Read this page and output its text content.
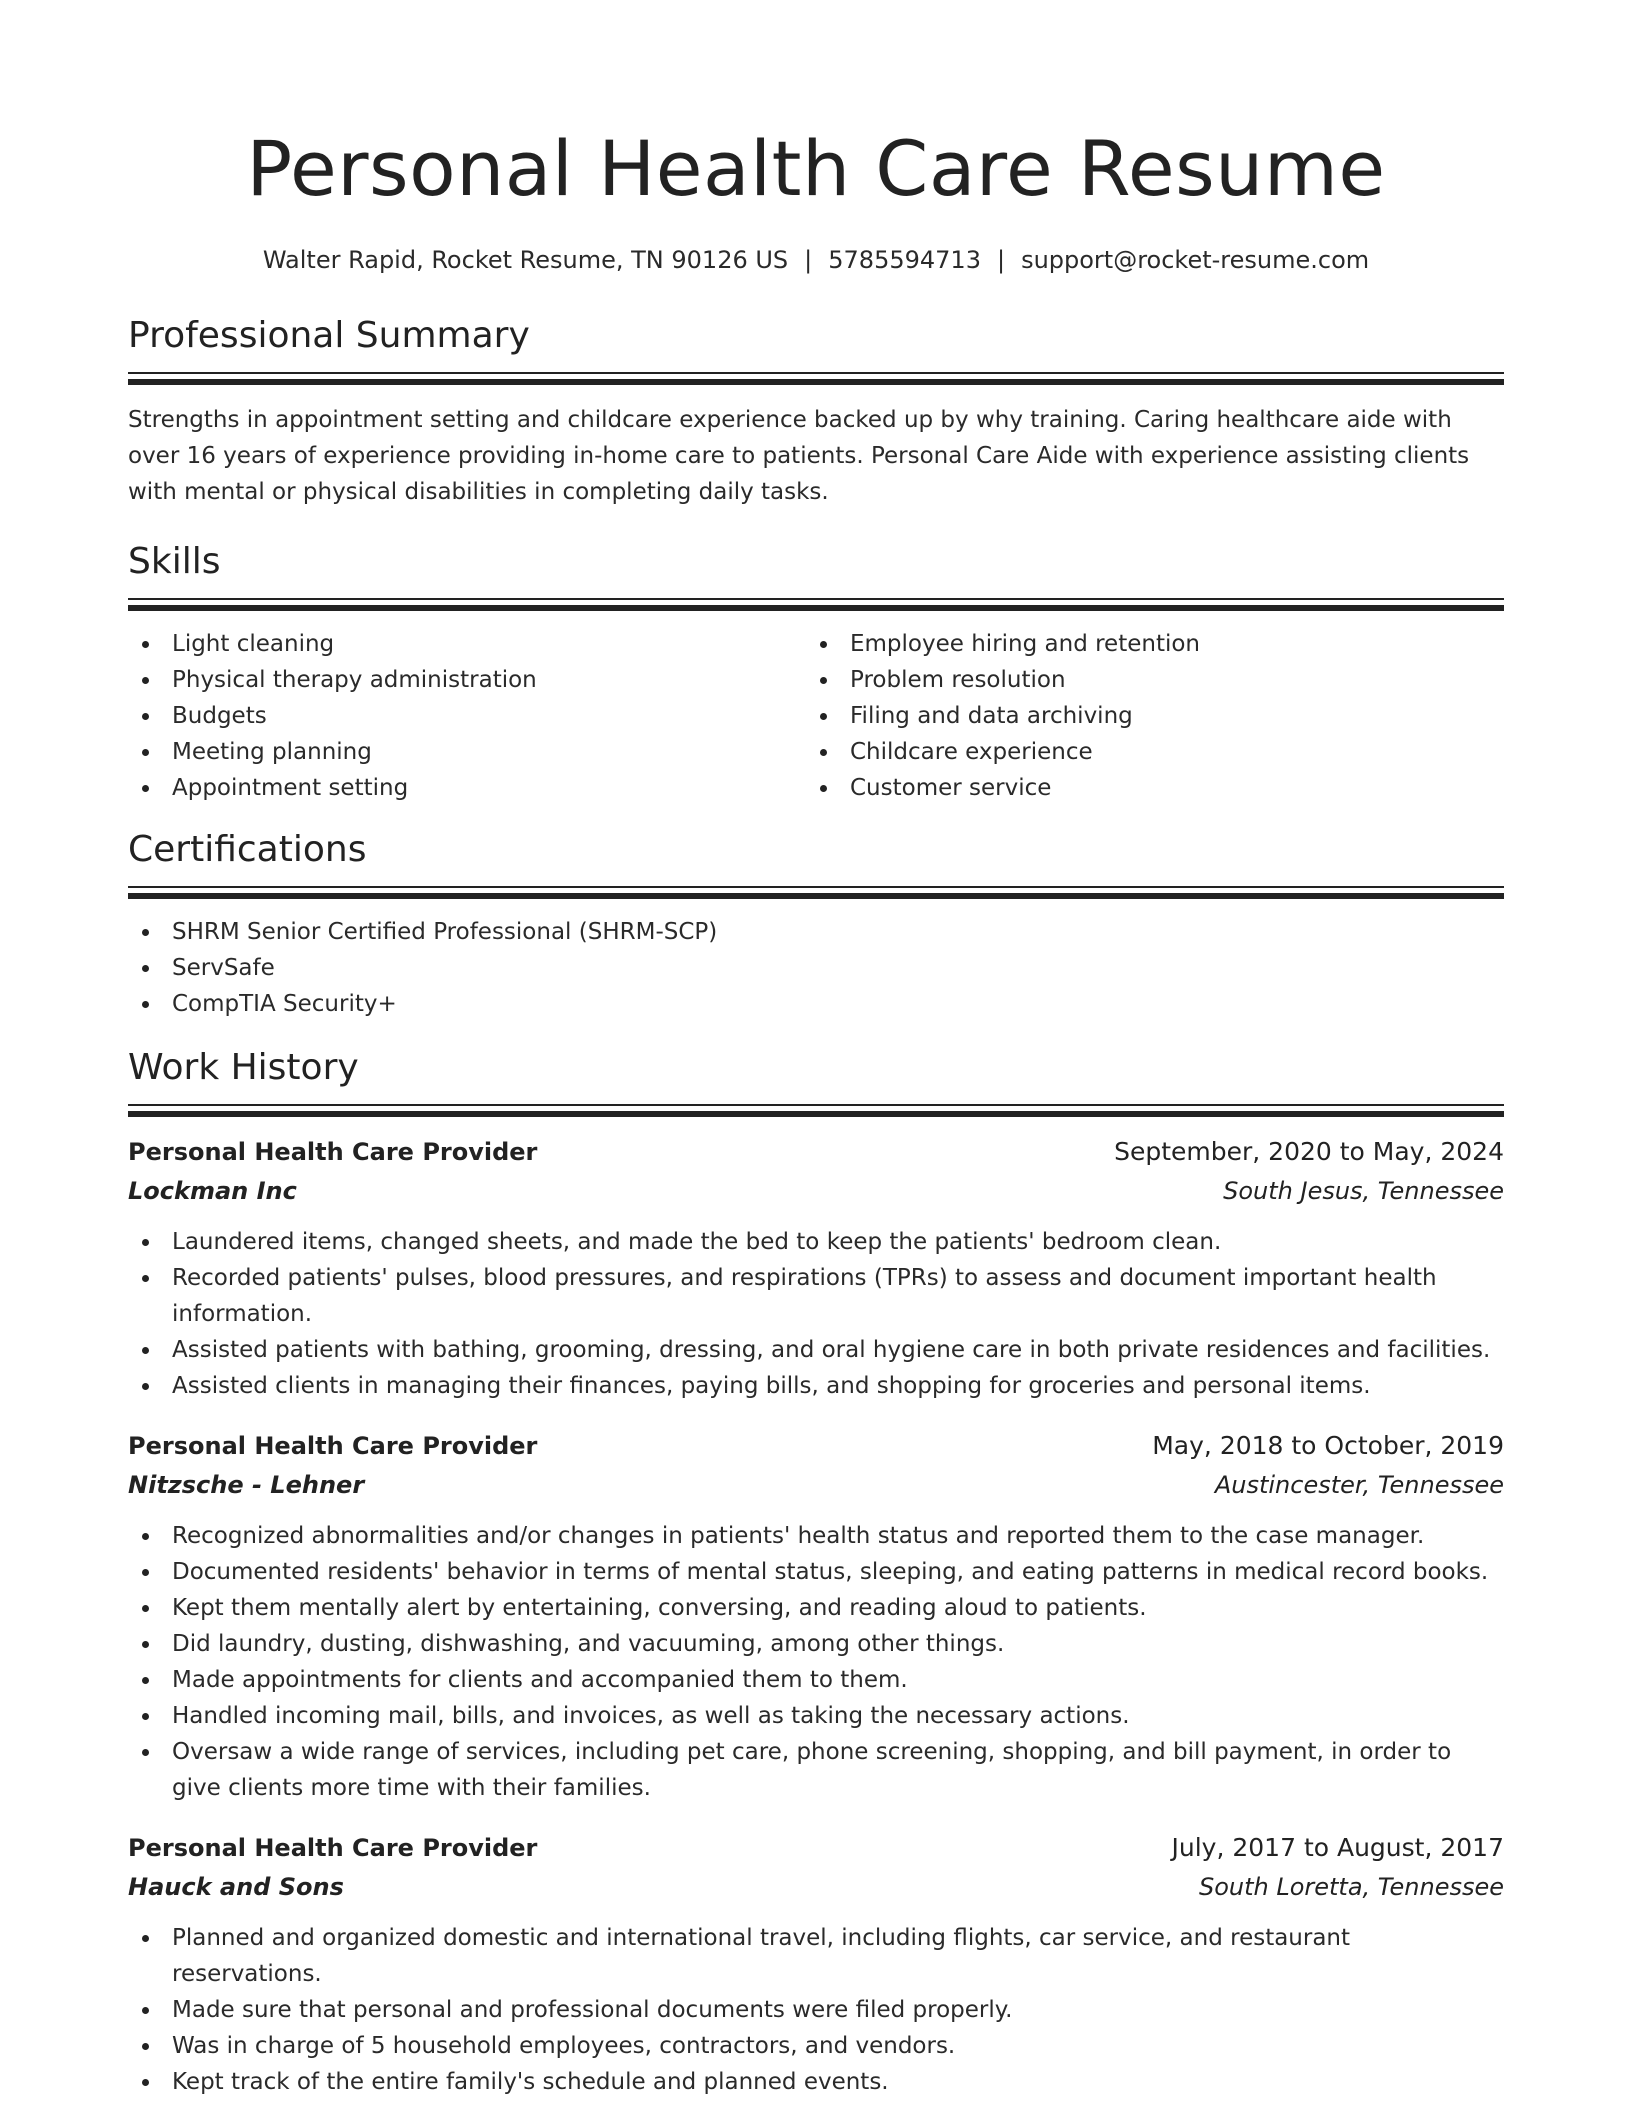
Personal Health Care Resume
Walter Rapid, Rocket Resume, TN 90126 US | 5785594713 | support@rocket-resume.com
Professional Summary

Strengths in appointment setting and childcare experience backed up by why training. Caring healthcare aide with over 16 years of experience providing in-home care to patients. Personal Care Aide with experience assisting clients with mental or physical disabilities in completing daily tasks.

Skills
Light cleaning
Physical therapy administration
Budgets
Meeting planning
Appointment setting
Employee hiring and retention
Problem resolution
Filing and data archiving
Childcare experience
Customer service
Certifications
SHRM Senior Certified Professional (SHRM-SCP)
ServSafe
CompTIA Security+
Work History
Personal Health Care Provider	September, 2020 to May, 2024
Lockman Inc	South Jesus, Tennessee
Laundered items, changed sheets, and made the bed to keep the patients' bedroom clean.
Recorded patients' pulses, blood pressures, and respirations (TPRs) to assess and document important health information.
Assisted patients with bathing, grooming, dressing, and oral hygiene care in both private residences and facilities.
Assisted clients in managing their finances, paying bills, and shopping for groceries and personal items.
Personal Health Care Provider	May, 2018 to October, 2019
Nitzsche - Lehner	Austincester, Tennessee
Recognized abnormalities and/or changes in patients' health status and reported them to the case manager.
Documented residents' behavior in terms of mental status, sleeping, and eating patterns in medical record books.
Kept them mentally alert by entertaining, conversing, and reading aloud to patients.
Did laundry, dusting, dishwashing, and vacuuming, among other things.
Made appointments for clients and accompanied them to them.
Handled incoming mail, bills, and invoices, as well as taking the necessary actions.
Oversaw a wide range of services, including pet care, phone screening, shopping, and bill payment, in order to give clients more time with their families.
Personal Health Care Provider	July, 2017 to August, 2017
Hauck and Sons	South Loretta, Tennessee
Planned and organized domestic and international travel, including flights, car service, and restaurant reservations.
Made sure that personal and professional documents were filed properly.
Was in charge of 5 household employees, contractors, and vendors.
Kept track of the entire family's schedule and planned events.
